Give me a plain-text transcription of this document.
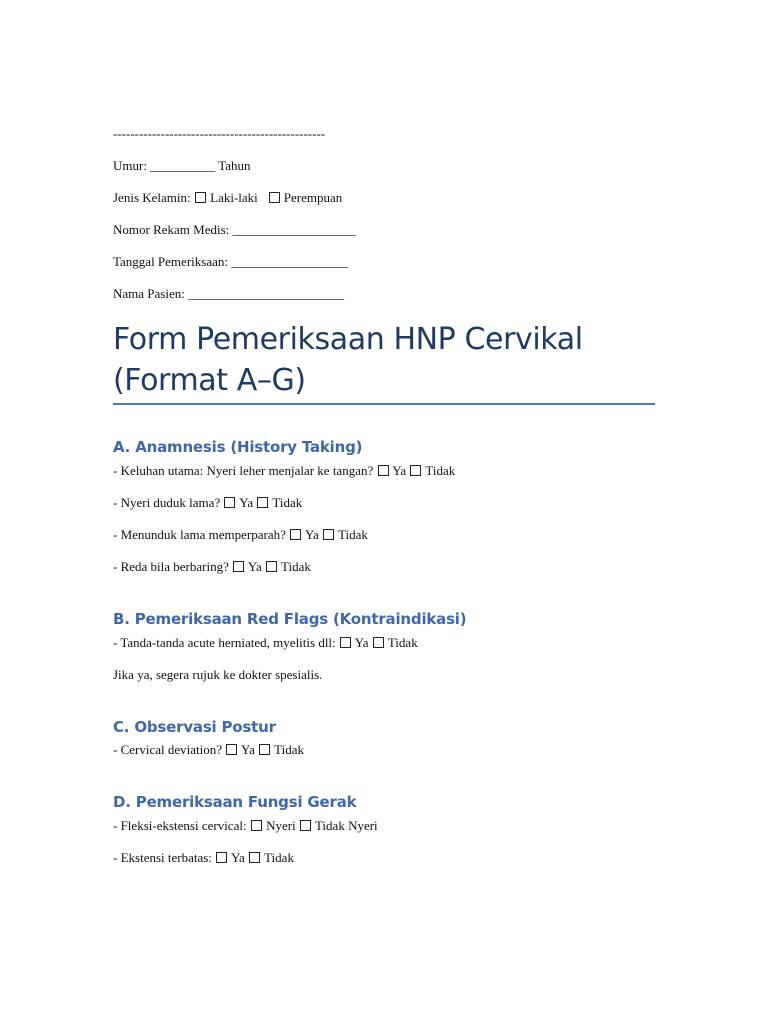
-------------------------------------------------
Umur: __________ Tahun
Jenis Kelamin: Laki-laki Perempuan
Nomor Rekam Medis: ___________________
Tanggal Pemeriksaan: __________________
Nama Pasien: ________________________
Form Pemeriksaan HNP Cervikal
(Format A–G)
A. Anamnesis (History Taking)
- Keluhan utama: Nyeri leher menjalar ke tangan? Ya Tidak
- Nyeri duduk lama? Ya Tidak
- Menunduk lama memperparah? Ya Tidak
- Reda bila berbaring? Ya Tidak
B. Pemeriksaan Red Flags (Kontraindikasi)
- Tanda-tanda acute herniated, myelitis dll: Ya Tidak
Jika ya, segera rujuk ke dokter spesialis.
C. Observasi Postur
- Cervical deviation? Ya Tidak
D. Pemeriksaan Fungsi Gerak
- Fleksi-ekstensi cervical: Nyeri Tidak Nyeri
- Ekstensi terbatas: Ya Tidak
